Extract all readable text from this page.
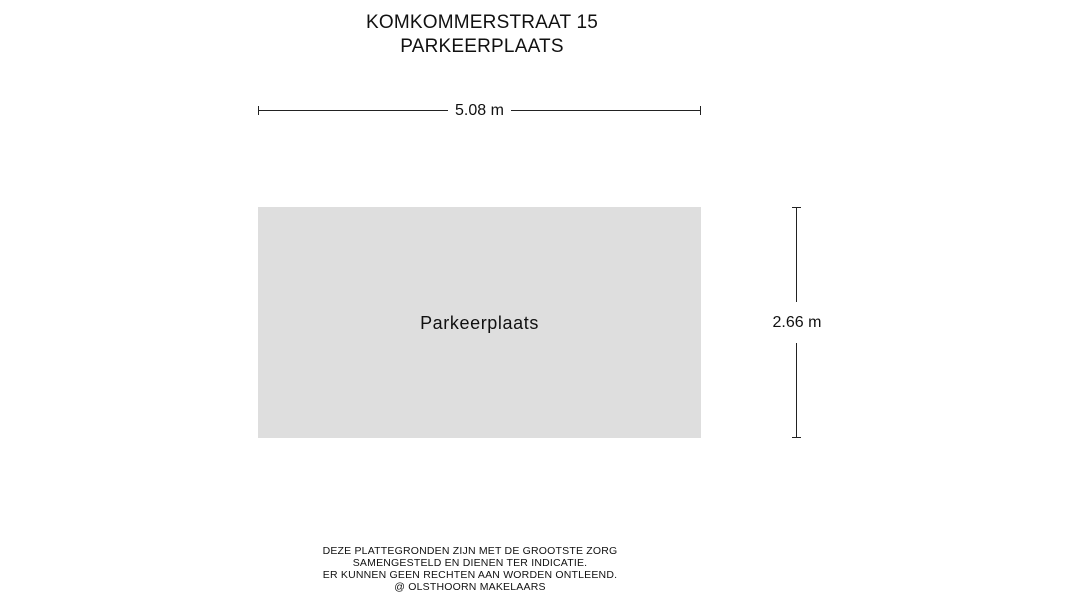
KOMKOMMERSTRAAT 15
PARKEERPLAATS
5.08 m
Parkeerplaats	2.66 m
DEZE PLATTEGRONDEN ZIJN MET DE GROOTSTE ZORG
SAMENGESTELD EN DIENEN TER INDICATIE.
ER KUNNEN GEEN RECHTEN AAN WORDEN ONTLEEND.
@ OLSTHOORN MAKELAARS
